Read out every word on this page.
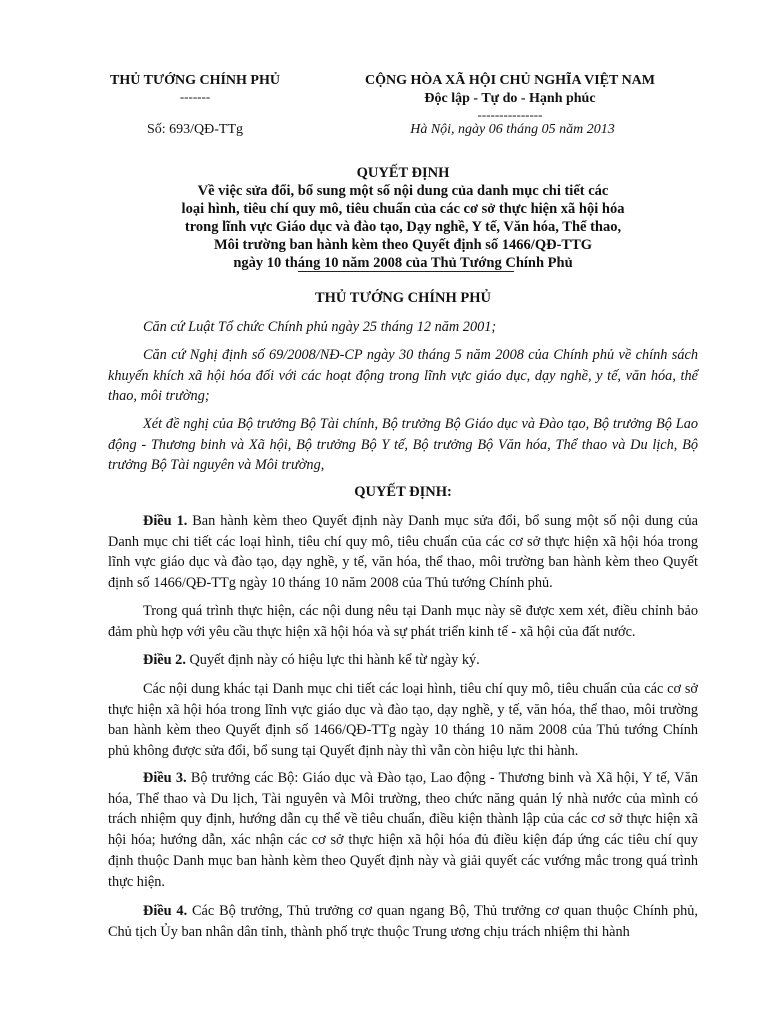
THỦ TƯỚNG CHÍNH PHỦ
-------
CỘNG HÒA XÃ HỘI CHỦ NGHĨA VIỆT NAM
Độc lập - Tự do - Hạnh phúc
---------------
Số: 693/QĐ-TTg	Hà Nội, ngày 06 tháng 05 năm 2013
QUYẾT ĐỊNH
Về việc sửa đổi, bổ sung một số nội dung của danh mục chi tiết các
loại hình, tiêu chí quy mô, tiêu chuẩn của các cơ sở thực hiện xã hội hóa
trong lĩnh vực Giáo dục và đào tạo, Dạy nghề, Y tế, Văn hóa, Thể thao,
Môi trường ban hành kèm theo Quyết định số 1466/QĐ-TTG
ngày 10 tháng 10 năm 2008 của Thủ Tướng Chính Phủ
THỦ TƯỚNG CHÍNH PHỦ
Căn cứ Luật Tổ chức Chính phủ ngày 25 tháng 12 năm 2001;
Căn cứ Nghị định số 69/2008/NĐ-CP ngày 30 tháng 5 năm 2008 của Chính phủ về chính sách khuyến khích xã hội hóa đối với các hoạt động trong lĩnh vực giáo dục, dạy nghề, y tế, văn hóa, thể thao, môi trường;
Xét đề nghị của Bộ trưởng Bộ Tài chính, Bộ trưởng Bộ Giáo dục và Đào tạo, Bộ trưởng Bộ Lao động - Thương binh và Xã hội, Bộ trưởng Bộ Y tế, Bộ trưởng Bộ Văn hóa, Thể thao và Du lịch, Bộ trưởng Bộ Tài nguyên và Môi trường,
QUYẾT ĐỊNH:
Điều 1. Ban hành kèm theo Quyết định này Danh mục sửa đổi, bổ sung một số nội dung của Danh mục chi tiết các loại hình, tiêu chí quy mô, tiêu chuẩn của các cơ sở thực hiện xã hội hóa trong lĩnh vực giáo dục và đào tạo, dạy nghề, y tế, văn hóa, thể thao, môi trường ban hành kèm theo Quyết định số 1466/QĐ-TTg ngày 10 tháng 10 năm 2008 của Thủ tướng Chính phủ.
Trong quá trình thực hiện, các nội dung nêu tại Danh mục này sẽ được xem xét, điều chỉnh bảo đảm phù hợp với yêu cầu thực hiện xã hội hóa và sự phát triển kinh tế - xã hội của đất nước.
Điều 2. Quyết định này có hiệu lực thi hành kể từ ngày ký.
Các nội dung khác tại Danh mục chi tiết các loại hình, tiêu chí quy mô, tiêu chuẩn của các cơ sở thực hiện xã hội hóa trong lĩnh vực giáo dục và đào tạo, dạy nghề, y tế, văn hóa, thể thao, môi trường ban hành kèm theo Quyết định số 1466/QĐ-TTg ngày 10 tháng 10 năm 2008 của Thủ tướng Chính phủ không được sửa đổi, bổ sung tại Quyết định này thì vẫn còn hiệu lực thi hành.
Điều 3. Bộ trưởng các Bộ: Giáo dục và Đào tạo, Lao động - Thương binh và Xã hội, Y tế, Văn hóa, Thể thao và Du lịch, Tài nguyên và Môi trường, theo chức năng quản lý nhà nước của mình có trách nhiệm quy định, hướng dẫn cụ thể về tiêu chuẩn, điều kiện thành lập của các cơ sở thực hiện xã hội hóa; hướng dẫn, xác nhận các cơ sở thực hiện xã hội hóa đủ điều kiện đáp ứng các tiêu chí quy định thuộc Danh mục ban hành kèm theo Quyết định này và giải quyết các vướng mắc trong quá trình thực hiện.
Điều 4. Các Bộ trưởng, Thủ trưởng cơ quan ngang Bộ, Thủ trưởng cơ quan thuộc Chính phủ, Chủ tịch Ủy ban nhân dân tỉnh, thành phố trực thuộc Trung ương chịu trách nhiệm thi hành
